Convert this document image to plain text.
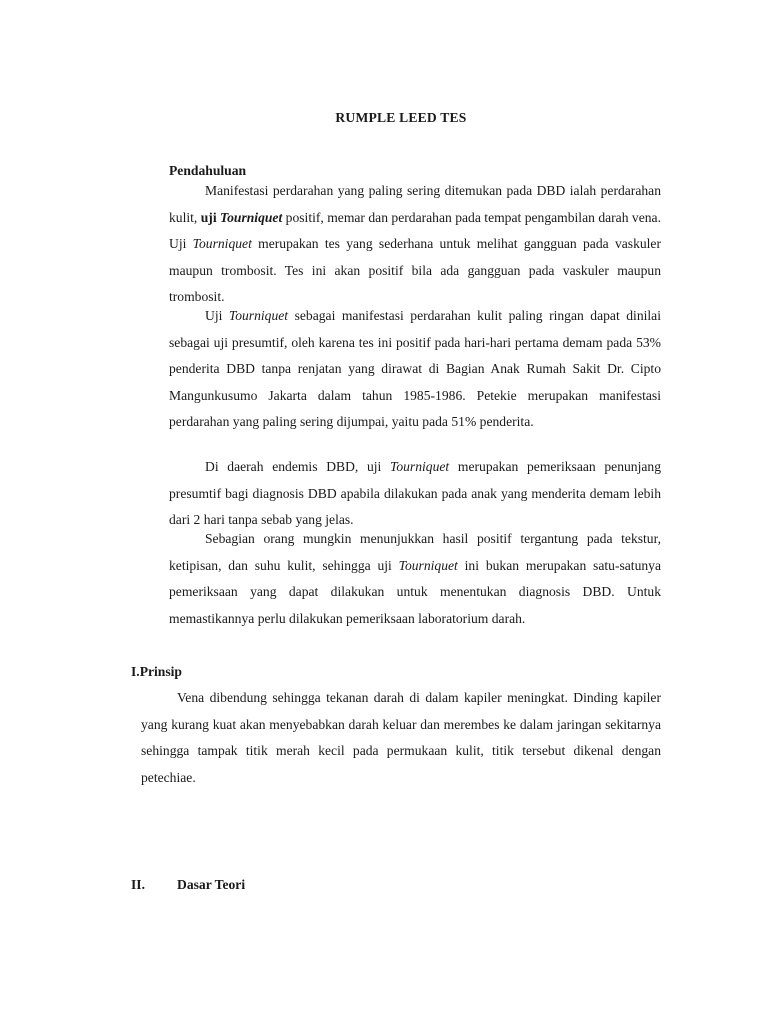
RUMPLE LEED TES
Pendahuluan

Manifestasi perdarahan yang paling sering ditemukan pada DBD ialah perdarahan kulit, uji Tourniquet positif, memar dan perdarahan pada tempat pengambilan darah vena. Uji Tourniquet merupakan tes yang sederhana untuk melihat gangguan pada vaskuler maupun trombosit. Tes ini akan positif bila ada gangguan pada vaskuler maupun trombosit.

Uji Tourniquet sebagai manifestasi perdarahan kulit paling ringan dapat dinilai sebagai uji presumtif, oleh karena tes ini positif pada hari-hari pertama demam pada 53% penderita DBD tanpa renjatan yang dirawat di Bagian Anak Rumah Sakit Dr. Cipto Mangunkusumo Jakarta dalam tahun 1985-1986. Petekie merupakan manifestasi perdarahan yang paling sering dijumpai, yaitu pada 51% penderita.

Di daerah endemis DBD, uji Tourniquet merupakan pemeriksaan penunjang presumtif bagi diagnosis DBD apabila dilakukan pada anak yang menderita demam lebih dari 2 hari tanpa sebab yang jelas.

Sebagian orang mungkin menunjukkan hasil positif tergantung pada tekstur, ketipisan, dan suhu kulit, sehingga uji Tourniquet ini bukan merupakan satu-satunya pemeriksaan yang dapat dilakukan untuk menentukan diagnosis DBD. Untuk memastikannya perlu dilakukan pemeriksaan laboratorium darah.

I.Prinsip

Vena dibendung sehingga tekanan darah di dalam kapiler meningkat. Dinding kapiler yang kurang kuat akan menyebabkan darah keluar dan merembes ke dalam jaringan sekitarnya sehingga tampak titik merah kecil pada permukaan kulit, titik tersebut dikenal dengan petechiae.

II. Dasar Teori
